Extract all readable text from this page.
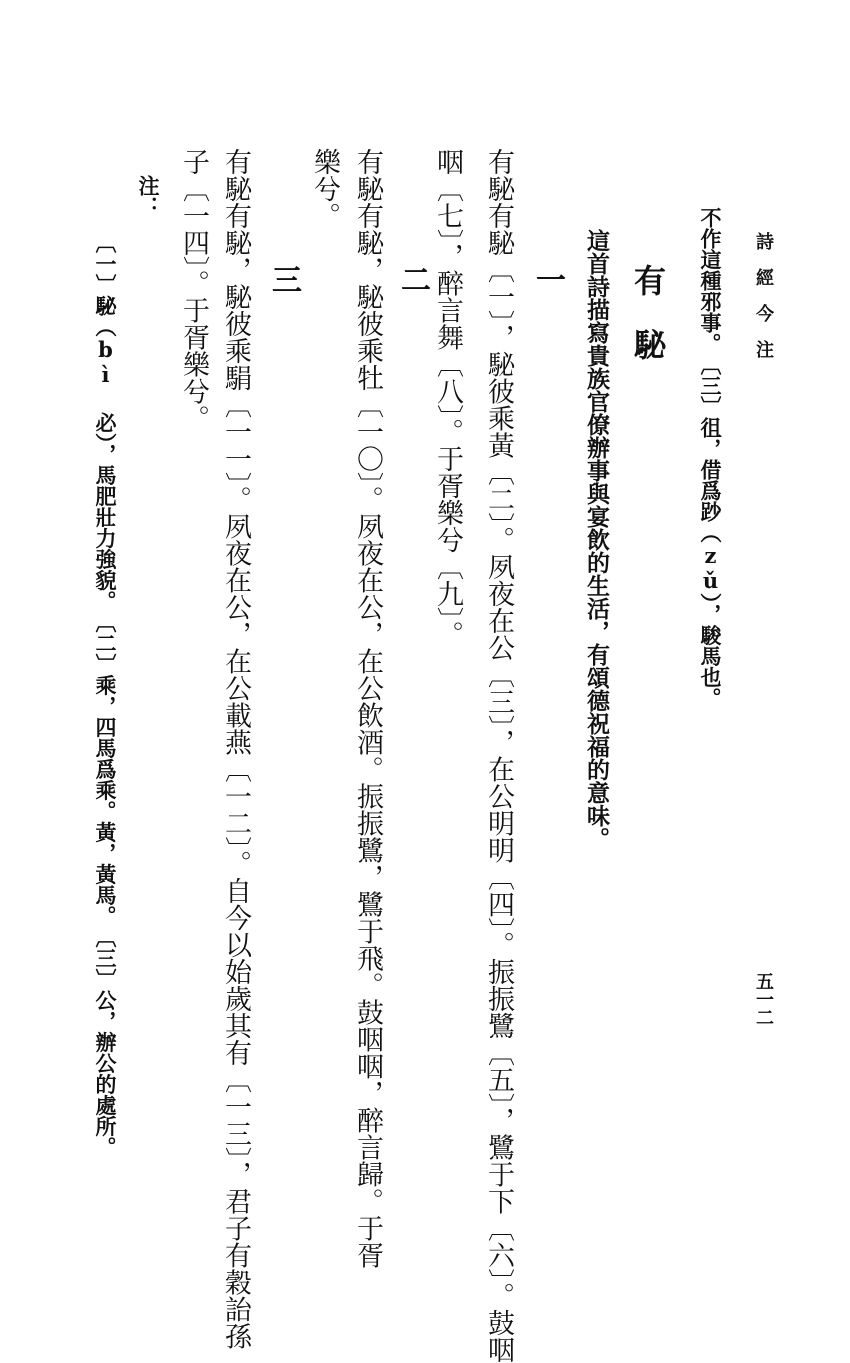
詩　經　今　注
五一二
不作這種邪事。　〔三〕徂，借爲䟞（zǔ），駿馬也。
有　駜
這首詩描寫貴族官僚辦事與宴飲的生活，有頌德祝福的意味。
一
有駜有駜〔一〕，駜彼乘黃〔二〕。夙夜在公〔三〕，在公明明〔四〕。振振鷺〔五〕，鷺于下〔六〕。鼓咽
咽〔七〕，醉言舞〔八〕。于胥樂兮〔九〕。
二
有駜有駜，駜彼乘牡〔一〇〕。夙夜在公，在公飲酒。振振鷺，鷺于飛。鼓咽咽，醉言歸。于胥
樂兮。
三
有駜有駜，駜彼乘駽〔一一〕。夙夜在公，在公載燕〔一二〕。自今以始歲其有〔一三〕，君子有穀詒孫
子〔一四〕。于胥樂兮。
注：
〔一〕駜（bì 必），馬肥壯力強貌。　〔二〕乘，四馬爲乘。黃，黃馬。　〔三〕公，辦公的處所。
